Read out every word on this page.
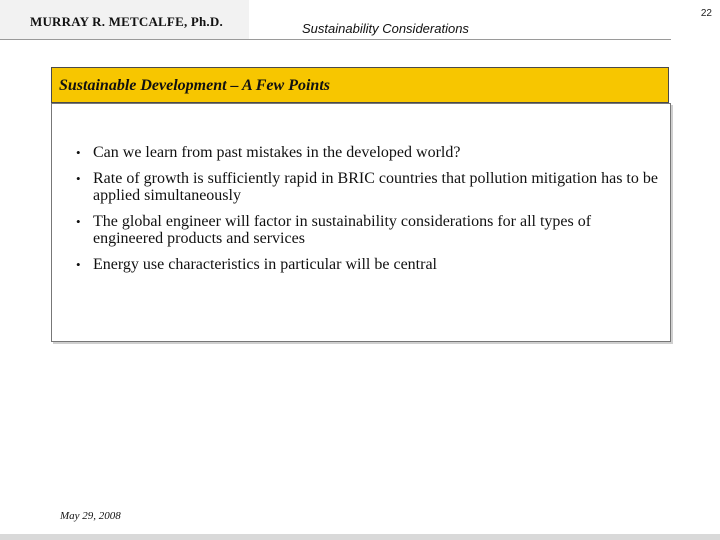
MURRAY R. METCALFE, Ph.D.	Sustainability Considerations
22
Sustainable Development – A Few Points
• Can we learn from past mistakes in the developed world?
• Rate of growth is sufficiently rapid in BRIC countries that pollution mitigation has to be applied simultaneously
• The global engineer will factor in sustainability considerations for all types of engineered products and services
• Energy use characteristics in particular will be central
May 29, 2008
